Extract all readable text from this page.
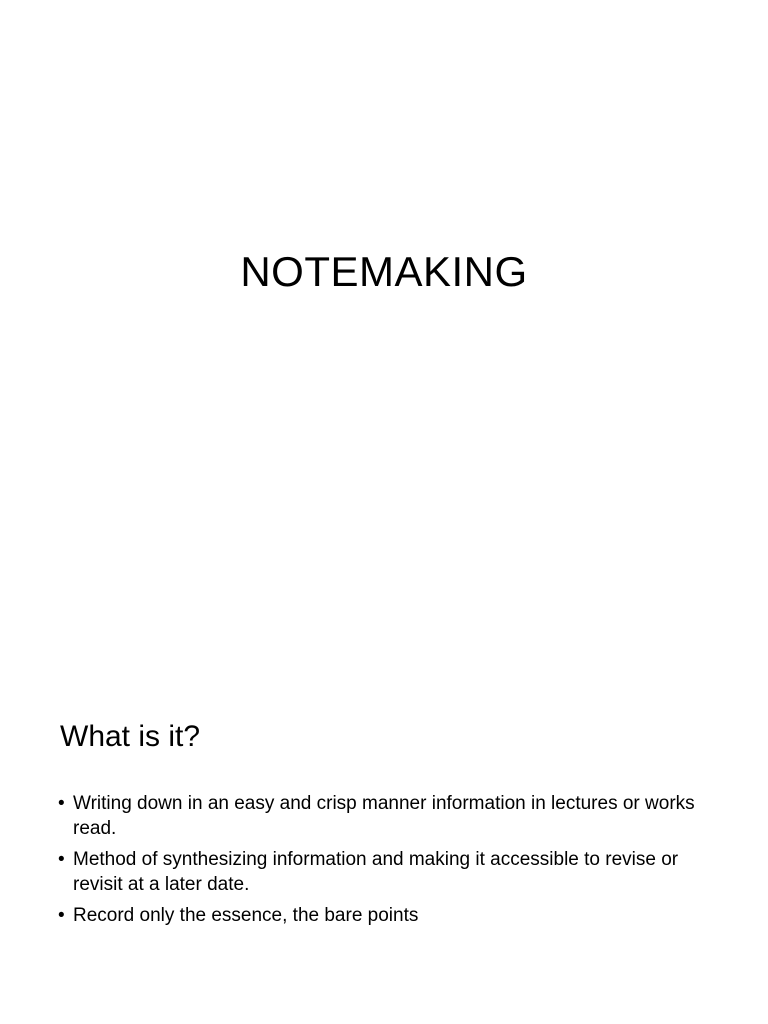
NOTEMAKING
What is it?
• Writing down in an easy and crisp manner information in lectures or works read.
• Method of synthesizing information and making it accessible to revise or revisit at a later date.
• Record only the essence, the bare points
